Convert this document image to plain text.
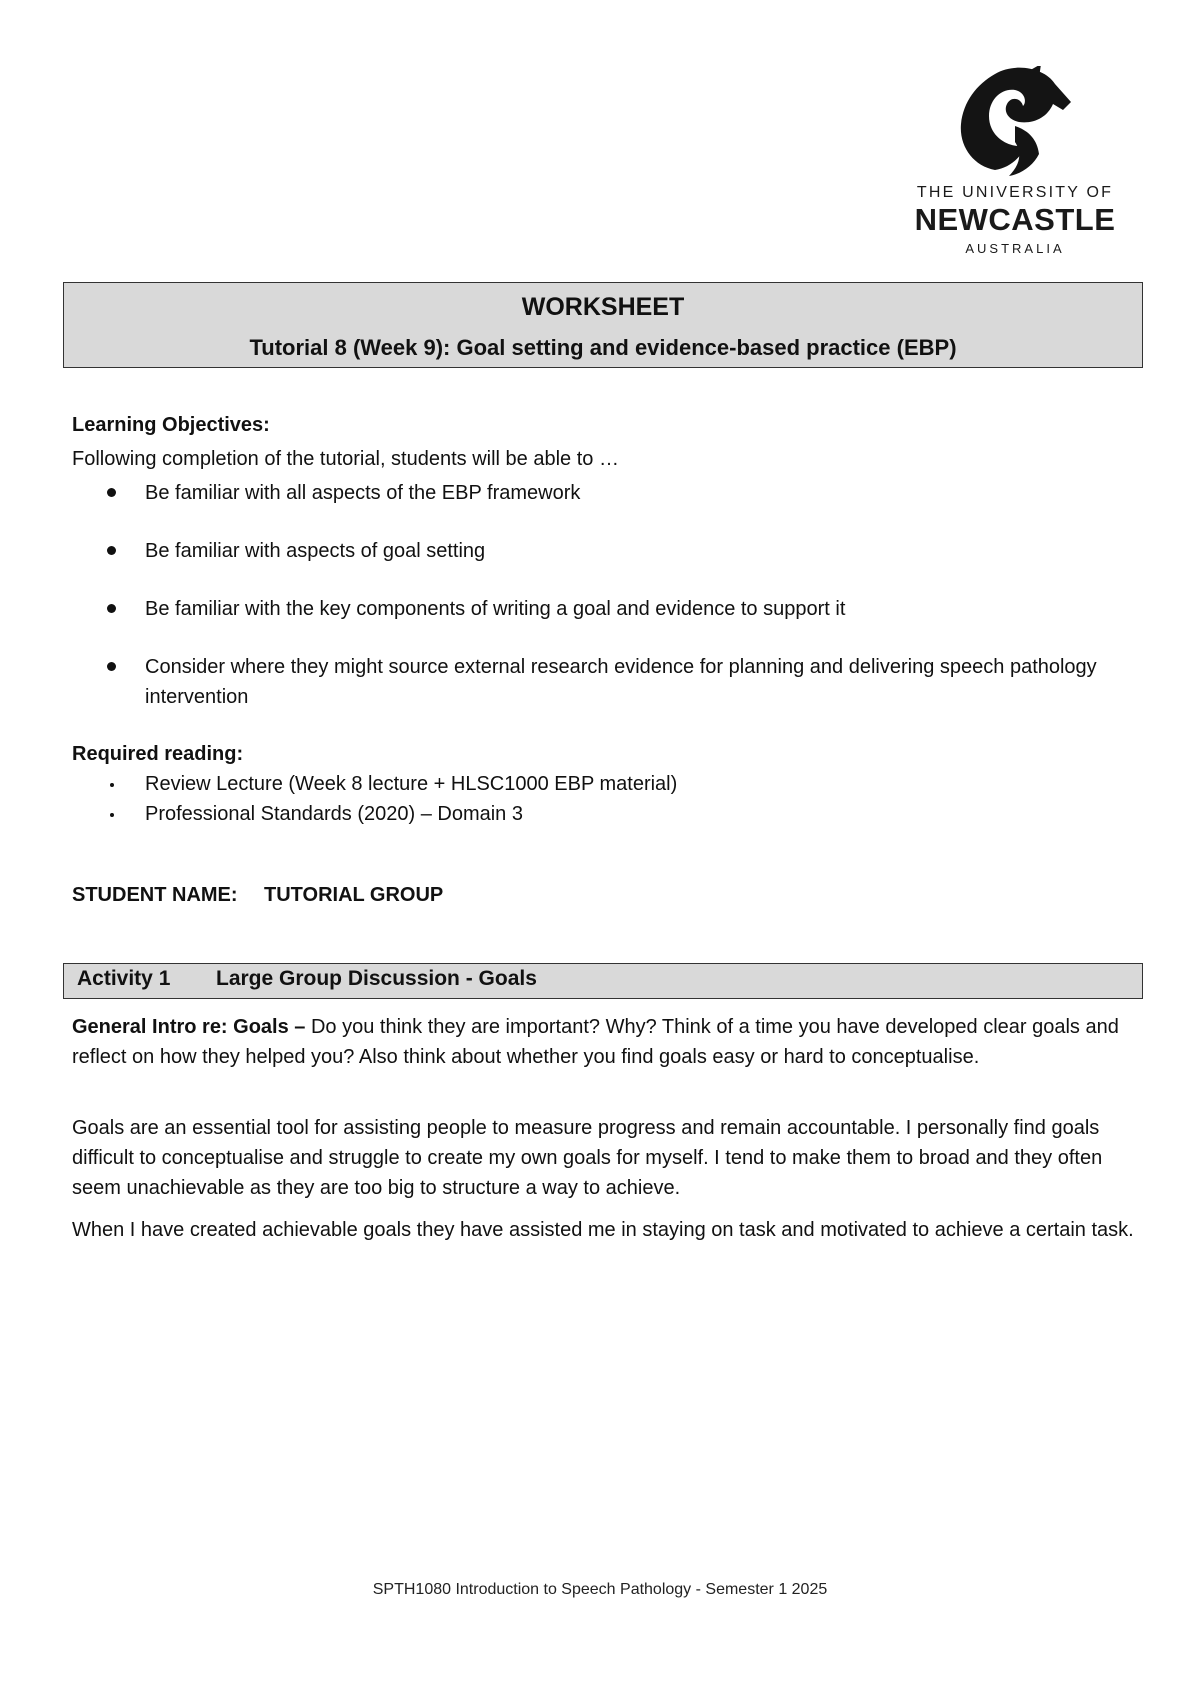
THE UNIVERSITY OF
NEWCASTLE
AUSTRALIA
WORKSHEET
Tutorial 8 (Week 9): Goal setting and evidence-based practice (EBP)
Learning Objectives:
Following completion of the tutorial, students will be able to …
Be familiar with all aspects of the EBP framework
Be familiar with aspects of goal setting
Be familiar with the key components of writing a goal and evidence to support it
Consider where they might source external research evidence for planning and delivering speech pathology intervention
Required reading:
Review Lecture (Week 8 lecture + HLSC1000 EBP material)
Professional Standards (2020) – Domain 3
STUDENT NAME: TUTORIAL GROUP
Activity 1 Large Group Discussion - Goals
General Intro re: Goals – Do you think they are important? Why? Think of a time you have developed clear goals and reflect on how they helped you? Also think about whether you find goals easy or hard to conceptualise.
Goals are an essential tool for assisting people to measure progress and remain accountable. I personally find goals difficult to conceptualise and struggle to create my own goals for myself. I tend to make them to broad and they often seem unachievable as they are too big to structure a way to achieve.
When I have created achievable goals they have assisted me in staying on task and motivated to achieve a certain task.
SPTH1080 Introduction to Speech Pathology - Semester 1 2025
